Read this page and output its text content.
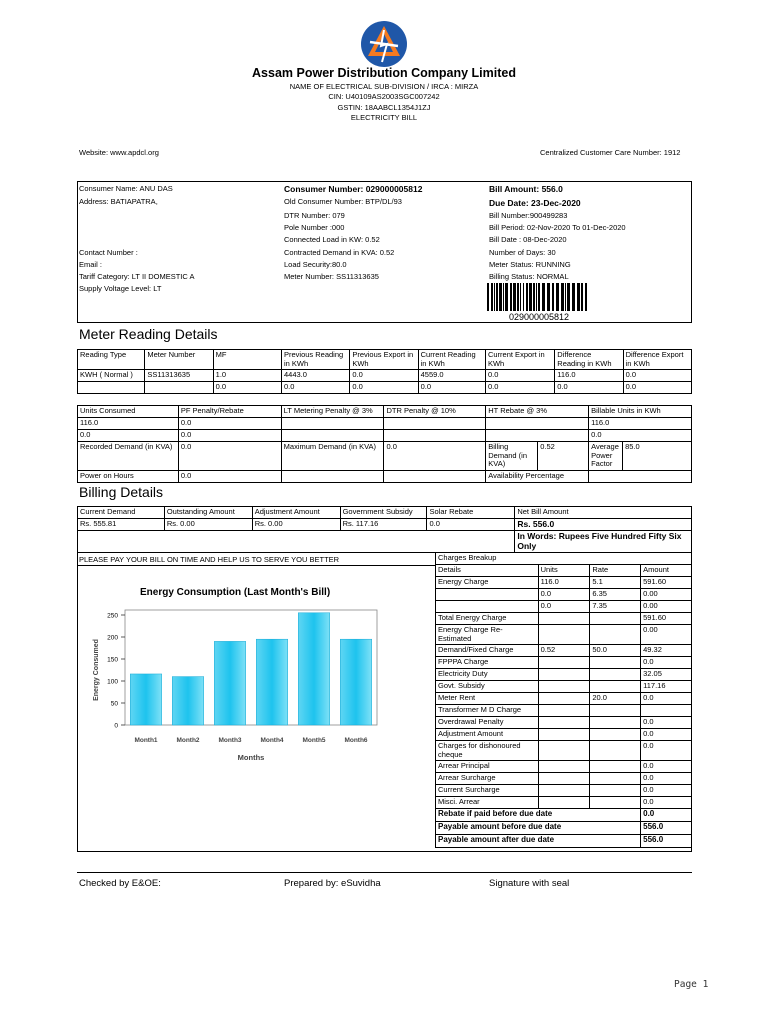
Assam Power Distribution Company Limited
NAME OF ELECTRICAL SUB-DIVISION / IRCA : MIRZA
CIN: U40109AS2003SGC007242
GSTIN: 18AABCL1354J1ZJ
ELECTRICITY BILL
Website: www.apdcl.org	Centralized Customer Care Number: 1912
Consumer Name: ANU DAS
Address: BATIAPATRA,
Contact Number :
Email :
Tariff Category: LT II DOMESTIC A
Supply Voltage Level: LT
Consumer Number: 029000005812
Old Consumer Number: BTP/DL/93
DTR Number: 079
Pole Number :000
Connected Load in KW: 0.52
Contracted Demand in KVA: 0.52
Load Security:80.0
Meter Number: SS11313635
Bill Amount: 556.0
Due Date: 23-Dec-2020
Bill Number:900499283
Bill Period: 02-Nov-2020 To 01-Dec-2020
Bill Date : 08-Dec-2020
Number of Days: 30
Meter Status: RUNNING
Billing Status: NORMAL
029000005812
Meter Reading Details
Reading Type	Meter Number	MF	Previous Reading in KWh	Previous Export in KWh	Current Reading in KWh	Current Export in KWh	Difference Reading in KWh	Difference Export in KWh
KWH ( Normal )	SS11313635	1.0	4443.0	0.0	4559.0	0.0	116.0	0.0
		0.0	0.0	0.0	0.0	0.0	0.0	0.0
Units Consumed	PF Penalty/Rebate	LT Metering Penalty @ 3%	DTR Penalty @ 10%	HT Rebate @ 3%		Billable Units in KWh	
116.0	0.0					116.0	
0.0	0.0					0.0	
Recorded Demand (in KVA)	0.0	Maximum Demand (in KVA)	0.0	Billing Demand (in KVA)	0.52	Average Power Factor	85.0
Power on Hours	0.0			Availability Percentage			
Billing Details
Current Demand	Outstanding Amount	Adjustment Amount	Government Subsidy	Solar Rebate	Net Bill Amount
Rs. 555.81	Rs. 0.00	Rs. 0.00	Rs. 117.16	0.0	Rs. 556.0
					In Words: Rupees Five Hundred Fifty Six Only
PLEASE PAY YOUR BILL ON TIME AND HELP US TO SERVE YOU BETTER
Energy Consumption (Last Month's Bill)
0
50
100
150
200
250
Month1	Month2	Month3	Month4	Month5	Month6
Months
Energy Consumed
Charges Breakup			
Details	Units	Rate	Amount
Energy Charge	116.0	5.1	591.60
	0.0	6.35	0.00
	0.0	7.35	0.00
Total Energy Charge			591.60
Energy Charge Re-Estimated			0.00
Demand/Fixed Charge	0.52	50.0	49.32
FPPPA Charge			0.0
Electricity Duty			32.05
Govt. Subsidy			117.16
Meter Rent		20.0	0.0
Transformer M D Charge			
Overdrawal Penalty			0.0
Adjustment Amount			0.0
Charges for dishonoured cheque			0.0
Arrear Principal			0.0
Arrear Surcharge			0.0
Current Surcharge			0.0
Misci. Arrear			0.0
Rebate if paid before due date			0.0
Payable amount before due date			556.0
Payable amount after due date			556.0
Checked by E&OE:	Prepared by: eSuvidha	Signature with seal
Page 1
